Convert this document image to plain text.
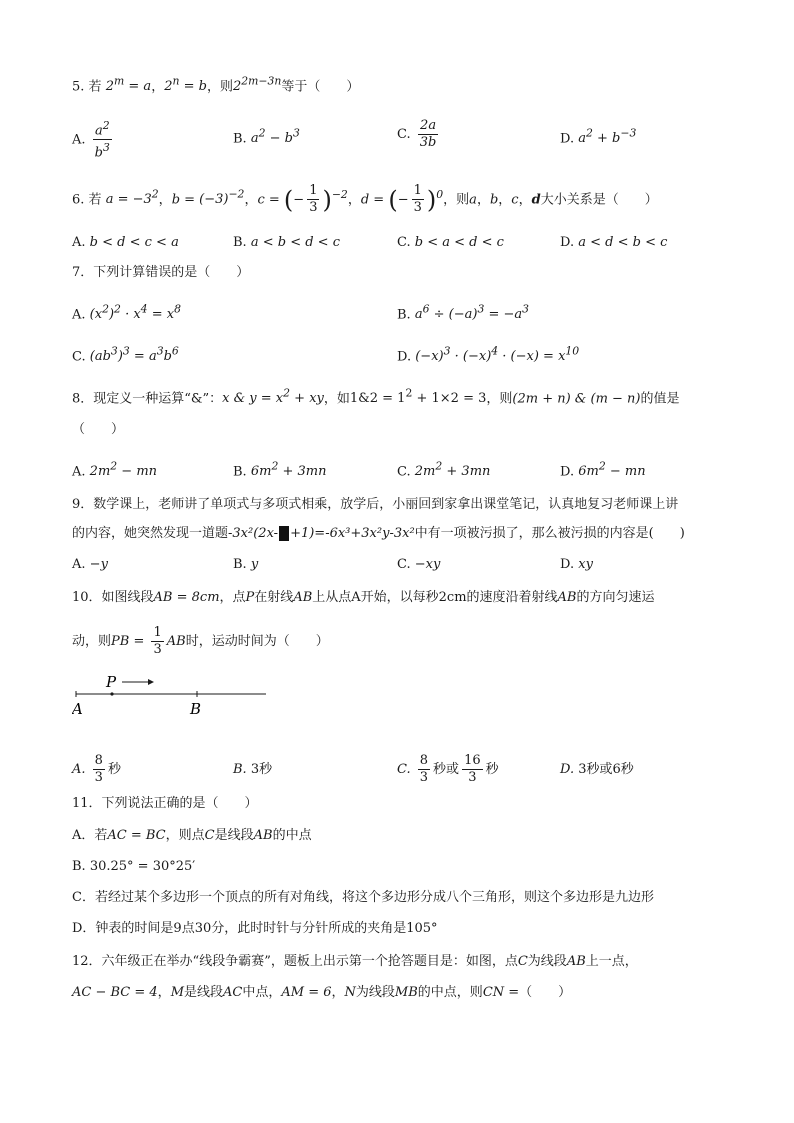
5. 若 $2^m = a$，$2^n = b$，则$2^{2m-3n}$等于（　　）
A. $\frac{a^2}{b^3}$	B. $a^2 - b^3$	C. $\frac{2a}{3b}$	D. $a^2 + b^{-3}$
6. 若 $a = -3^2$，$b = (-3)^{-2}$，c = (− $\frac{1}{3} )^{-2}$，d = (− $\frac{1}{3} )^0$，则a，b，c，d大小关系是（　　）
A. b < d < c < a	B. a < b < d < c	C. b < a < d < c	D. a < d < b < c
7．下列计算错误的是（　　）
A. $(x^2)^2 \cdot x^4 = x^8$	B. $a^6 \div (-a)^3 = -a^3$
C. $(ab^3)^3 = a^3b^6$	D. $(-x)^3 \cdot (-x)^4 \cdot (-x) = x^{10}$
8．现定义一种运算“&”：x & $y = x^2$ + xy，如1&2 = $1^2 + 1\times 2 = 3$，则(2m + n) & (m − n)的值是
（　　）
A. $2m^2$ − mn	B. $6m^2 + 3mn$	C. $2m^2 + 3mn$	D. $6m^2$ − mn
9．数学课上，老师讲了单项式与多项式相乘，放学后，小丽回到家拿出课堂笔记，认真地复习老师课上讲
的内容，她突然发现一道题-3x²(2x- +1)=-6x³+3x²y-3x²中有一项被污损了，那么被污损的内容是(　　)
A. −y	B. y	C. −xy	D. xy
10．如图线段AB = 8cm，点P在射线AB上从点A开始，以每秒2cm的速度沿着射线AB的方向匀速运
动，则PB = $\frac{1}{3}$ AB时，运动时间为（　　）
P
A	B
A. $\frac{8}{3}$ 秒	B. 3秒	C. $\frac{8}{3}$ 秒或 $\frac{16}{3}$ 秒	D. 3秒或6秒
11．下列说法正确的是（　　）
A．若AC = BC，则点C是线段AB的中点
B. 30.25° = 30°25′
C．若经过某个多边形一个顶点的所有对角线，将这个多边形分成八个三角形，则这个多边形是九边形
D．钟表的时间是9点30分，此时时针与分针所成的夹角是105°
12．六年级正在举办“线段争霸赛”，题板上出示第一个抢答题目是：如图，点C为线段AB上一点，
AC − BC = 4，M是线段AC中点，AM = 6，N为线段MB的中点，则CN =（　　）
